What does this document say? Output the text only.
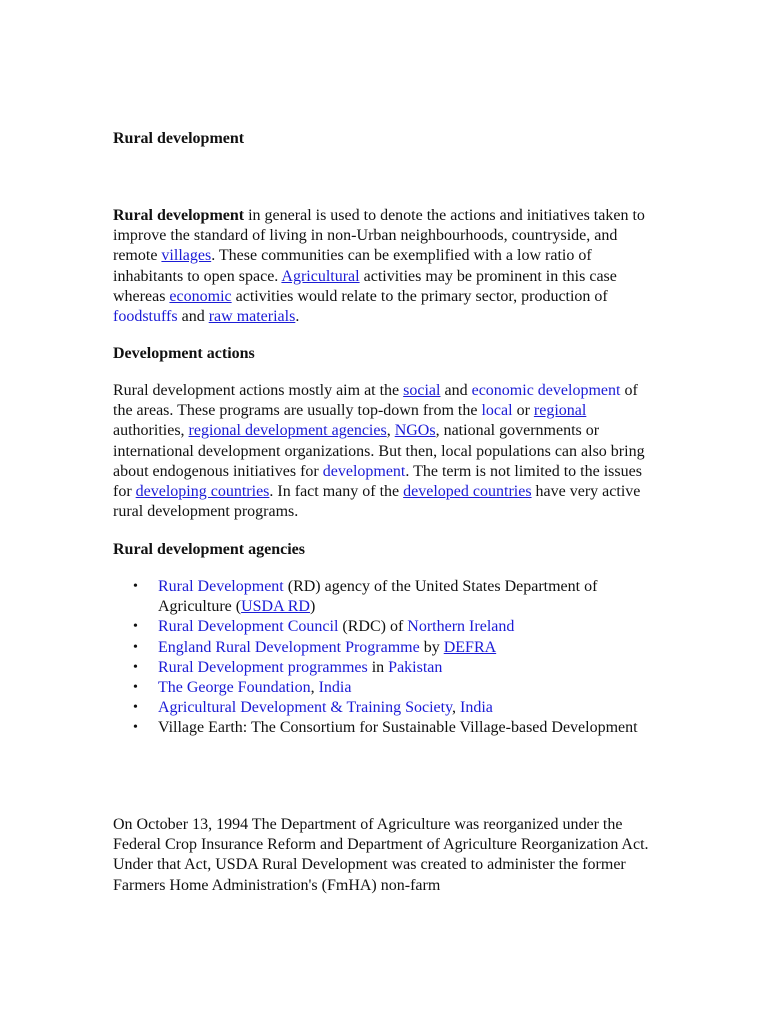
Rural development

Rural development in general is used to denote the actions and initiatives taken to improve the standard of living in non-Urban neighbourhoods, countryside, and remote villages. These communities can be exemplified with a low ratio of inhabitants to open space. Agricultural activities may be prominent in this case whereas economic activities would relate to the primary sector, production of foodstuffs and raw materials.

Development actions

Rural development actions mostly aim at the social and economic development of the areas. These programs are usually top-down from the local or regional authorities, regional development agencies, NGOs, national governments or international development organizations. But then, local populations can also bring about endogenous initiatives for development. The term is not limited to the issues for developing countries. In fact many of the developed countries have very active rural development programs.

Rural development agencies
• Rural Development (RD) agency of the United States Department of Agriculture (USDA RD)
• Rural Development Council (RDC) of Northern Ireland
• England Rural Development Programme by DEFRA
• Rural Development programmes in Pakistan
• The George Foundation, India
• Agricultural Development & Training Society, India
• Village Earth: The Consortium for Sustainable Village-based Development

On October 13, 1994 The Department of Agriculture was reorganized under the Federal Crop Insurance Reform and Department of Agriculture Reorganization Act. Under that Act, USDA Rural Development was created to administer the former Farmers Home Administration's (FmHA) non-farm
